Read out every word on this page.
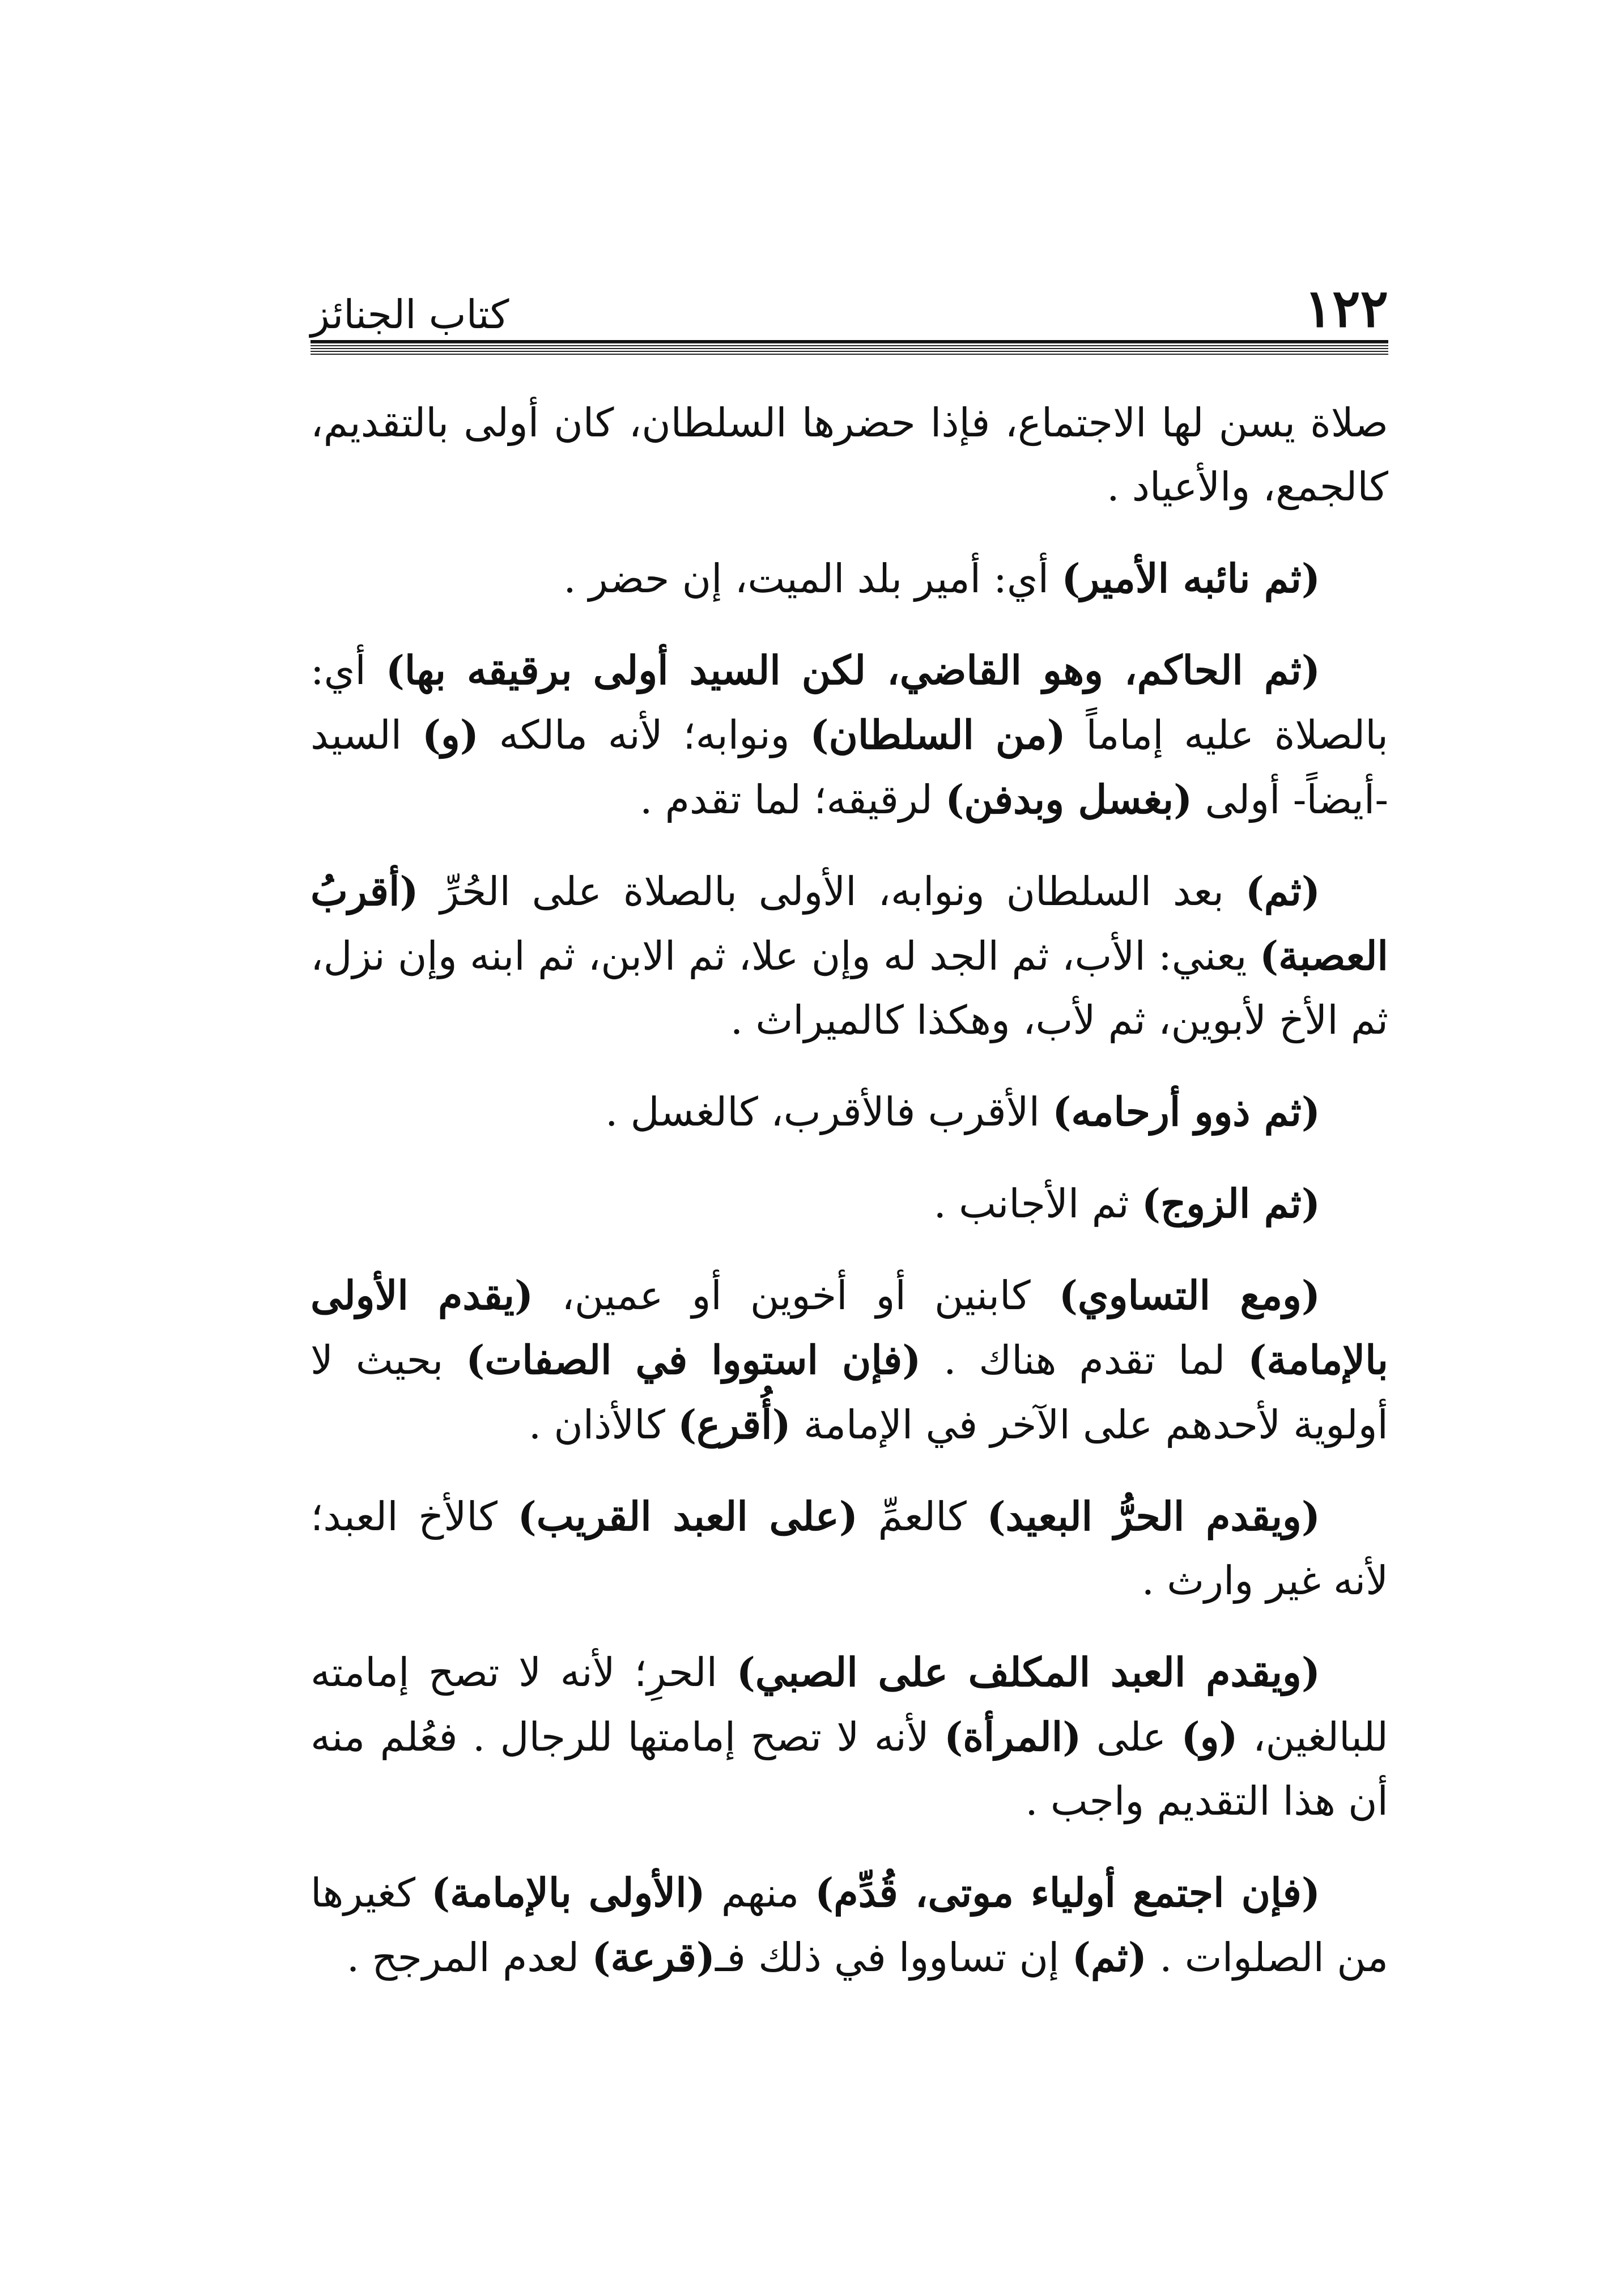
١٢٢
كتاب الجنائز

صلاة يسن لها الاجتماع، فإذا حضرها السلطان، كان أولى بالتقديم، كالجمع، والأعياد .

(ثم نائبه الأمير) أي: أمير بلد الميت، إن حضر .

(ثم الحاكم، وهو القاضي، لكن السيد أولى برقيقه بها) أي: بالصلاة عليه إماماً (من السلطان) ونوابه؛ لأنه مالكه (و) السيد -أيضاً- أولى (بغسل وبدفن) لرقيقه؛ لما تقدم .

(ثم) بعد السلطان ونوابه، الأولى بالصلاة على الحُرِّ (أقربُ العصبة) يعني: الأب، ثم الجد له وإن علا، ثم الابن، ثم ابنه وإن نزل، ثم الأخ لأبوين، ثم لأب، وهكذا كالميراث .

(ثم ذوو أرحامه) الأقرب فالأقرب، كالغسل .

(ثم الزوج) ثم الأجانب .

(ومع التساوي) كابنين أو أخوين أو عمين، (يقدم الأولى بالإمامة) لما تقدم هناك . (فإن استووا في الصفات) بحيث لا أولوية لأحدهم على الآخر في الإمامة (أُقرع) كالأذان .

(ويقدم الحرُّ البعيد) كالعمِّ (على العبد القريب) كالأخ العبد؛ لأنه غير وارث .

(ويقدم العبد المكلف على الصبي) الحرِ؛ لأنه لا تصح إمامته للبالغين، (و) على (المرأة) لأنه لا تصح إمامتها للرجال . فعُلم منه أن هذا التقديم واجب .

(فإن اجتمع أولياء موتى، قُدِّم) منهم (الأولى بالإمامة) كغيرها من الصلوات . (ثم) إن تساووا في ذلك فـ(قرعة) لعدم المرجح .
